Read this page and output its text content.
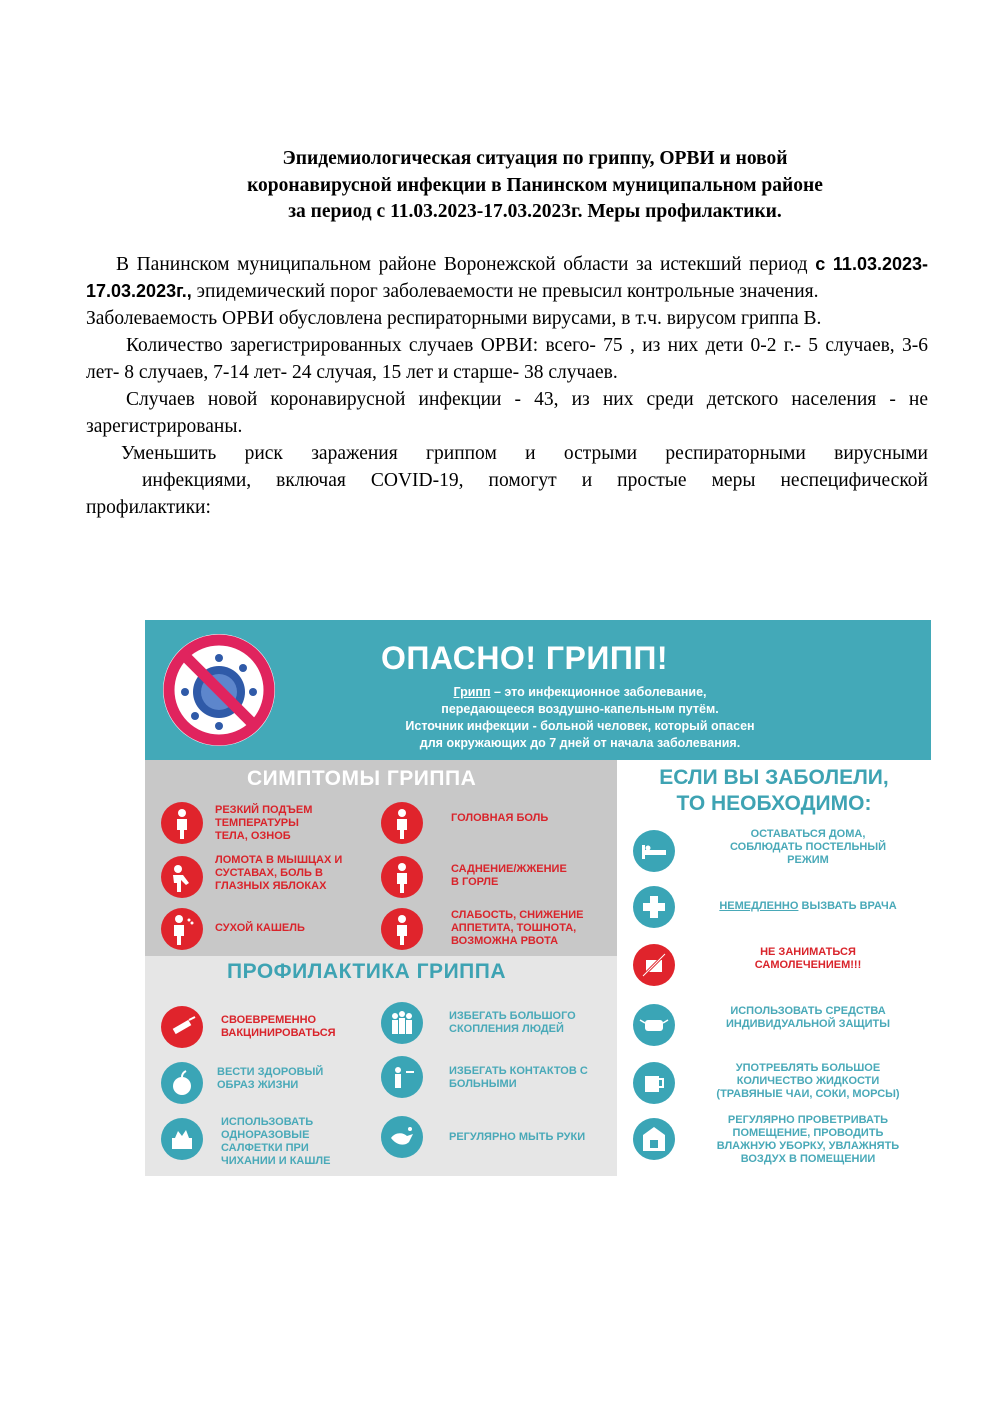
Эпидемиологическая ситуация по гриппу, ОРВИ и новой
коронавирусной инфекции в Панинском муниципальном районе
за период с 11.03.2023-17.03.2023г. Меры профилактики.

В Панинском муниципальном районе Воронежской области за истекший период с 11.03.2023-17.03.2023г., эпидемический порог заболеваемости не превысил контрольные значения.

Заболеваемость ОРВИ обусловлена респираторными вирусами, в т.ч. вирусом гриппа В.

Количество зарегистрированных случаев ОРВИ: всего- 75 , из них дети 0-2 г.- 5 случаев, 3-6 лет- 8 случаев, 7-14 лет- 24 случая, 15 лет и старше- 38 случаев.

Случаев новой коронавирусной инфекции - 43, из них среди детского населения - не зарегистрированы.

Уменьшить риск заражения гриппом и острыми респираторными вирусными

инфекциями, включая COVID-19, помогут и простые меры неспецифической

профилактики:

ОПАСНО! ГРИПП!
Грипп – это инфекционное заболевание,
передающееся воздушно-капельным путём.
Источник инфекции - больной человек, который опасен
для окружающих до 7 дней от начала заболевания.
СИМПТОМЫ ГРИППА
РЕЗКИЙ ПОДЪЕМ
ТЕМПЕРАТУРЫ
ТЕЛА, ОЗНОБ
ЛОМОТА В МЫШЦАХ И
СУСТАВАХ, БОЛЬ В
ГЛАЗНЫХ ЯБЛОКАХ
СУХОЙ КАШЕЛЬ
ГОЛОВНАЯ БОЛЬ
САДНЕНИЕ/ЖЖЕНИЕ
В ГОРЛЕ
СЛАБОСТЬ, СНИЖЕНИЕ
АППЕТИТА, ТОШНОТА,
ВОЗМОЖНА РВОТА
ПРОФИЛАКТИКА ГРИППА
СВОЕВРЕМЕННО
ВАКЦИНИРОВАТЬСЯ
ВЕСТИ ЗДОРОВЫЙ
ОБРАЗ ЖИЗНИ
ИСПОЛЬЗОВАТЬ
ОДНОРАЗОВЫЕ
САЛФЕТКИ ПРИ
ЧИХАНИИ И КАШЛЕ
ИЗБЕГАТЬ БОЛЬШОГО
СКОПЛЕНИЯ ЛЮДЕЙ
ИЗБЕГАТЬ КОНТАКТОВ С
БОЛЬНЫМИ
РЕГУЛЯРНО МЫТЬ РУКИ
ЕСЛИ ВЫ ЗАБОЛЕЛИ,
ТО НЕОБХОДИМО:
ОСТАВАТЬСЯ ДОМА,
СОБЛЮДАТЬ ПОСТЕЛЬНЫЙ
РЕЖИМ
НЕМЕДЛЕННО ВЫЗВАТЬ ВРАЧА
НЕ ЗАНИМАТЬСЯ
САМОЛЕЧЕНИЕМ!!!
ИСПОЛЬЗОВАТЬ СРЕДСТВА
ИНДИВИДУАЛЬНОЙ ЗАЩИТЫ
УПОТРЕБЛЯТЬ БОЛЬШОЕ
КОЛИЧЕСТВО ЖИДКОСТИ
(ТРАВЯНЫЕ ЧАИ, СОКИ, МОРСЫ)
РЕГУЛЯРНО ПРОВЕТРИВАТЬ
ПОМЕЩЕНИЕ, ПРОВОДИТЬ
ВЛАЖНУЮ УБОРКУ, УВЛАЖНЯТЬ
ВОЗДУХ В ПОМЕЩЕНИИ
